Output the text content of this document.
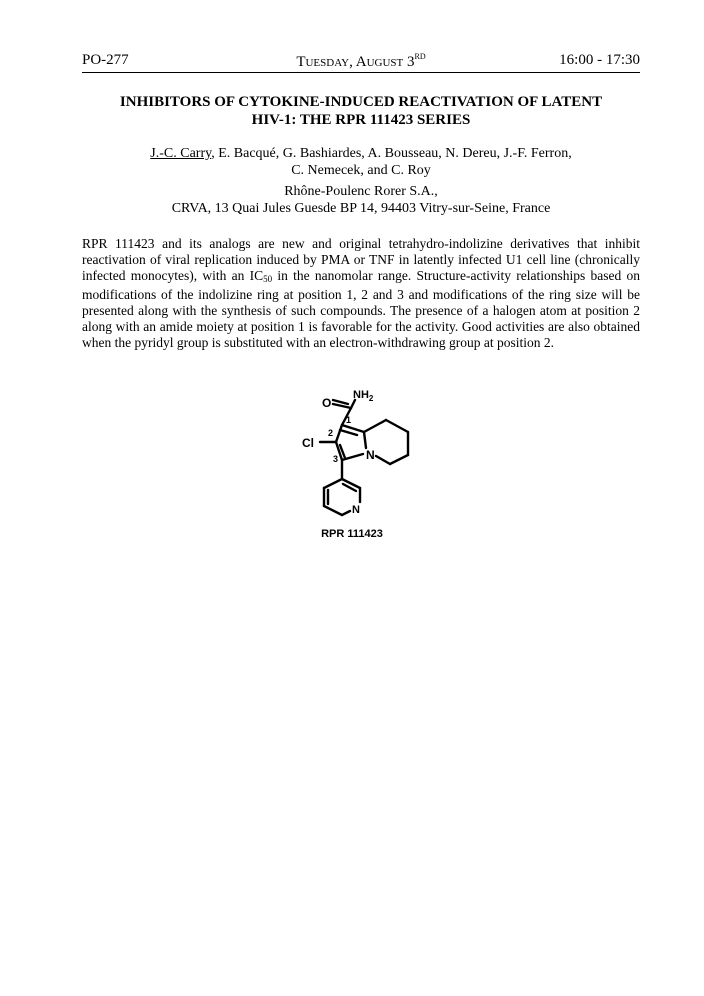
PO-277	Tuesday, August 3RD	16:00 - 17:30
INHIBITORS OF CYTOKINE-INDUCED REACTIVATION OF LATENT
HIV-1: THE RPR 111423 SERIES
J.-C. Carry, E. Bacqué, G. Bashiardes, A. Bousseau, N. Dereu, J.-F. Ferron,
C. Nemecek, and C. Roy
Rhône-Poulenc Rorer S.A.,
CRVA, 13 Quai Jules Guesde BP 14, 94403 Vitry-sur-Seine, France
RPR 111423 and its analogs are new and original tetrahydro-indolizine derivatives that inhibit reactivation of viral replication induced by PMA or TNF in latently infected U1 cell line (chronically infected monocytes), with an $IC_{50}$ in the nanomolar range. Structure-activity relationships based on modifications of the indolizine ring at position 1, 2 and 3 and modifications of the ring size will be presented along with the synthesis of such compounds. The presence of a halogen atom at position 2 along with an amide moiety at position 1 is favorable for the activity. Good activities are also obtained when the pyridyl group is substituted with an electron-withdrawing group at position 2.
O
$NH_2$
Cl
N
N
1
2
3
RPR 111423
